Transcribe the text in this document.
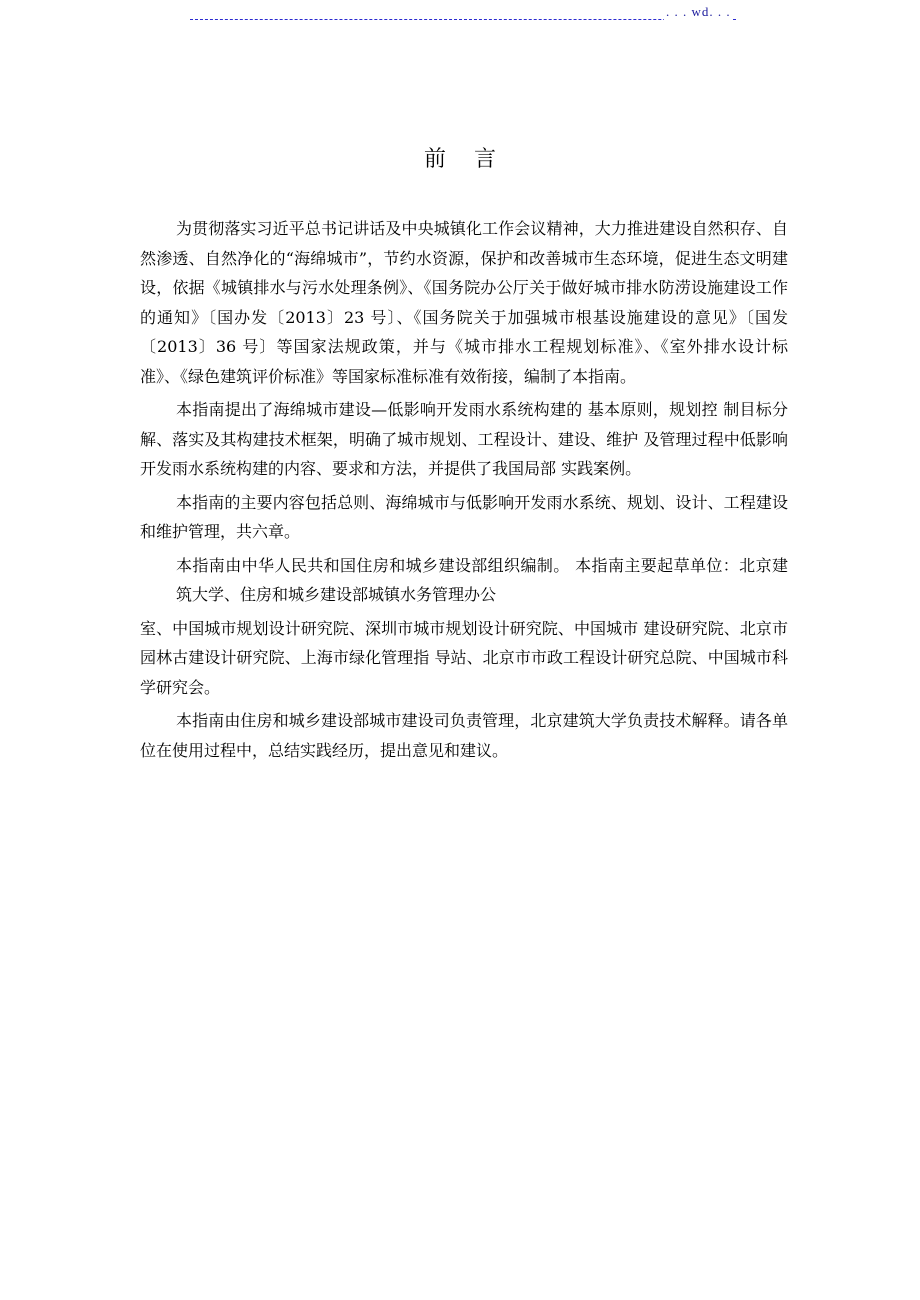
. . . wd. . .
前言

为贯彻落实习近平总书记讲话及中央城镇化工作会议精神，大力推进建设自然积存、自然渗透、自然净化的“海绵城市”，节约水资源，保护和改善城市生态环境，促进生态文明建设，依据《城镇排水与污水处理条例》、《国务院办公厅关于做好城市排水防涝设施建设工作的通知》〔国办发〔2013〕23 号〕、《国务院关于加强城市根基设施建设的意见》〔国发〔2013〕36 号〕等国家法规政策，并与《城市排水工程规划标准》、《室外排水设计标准》、《绿色建筑评价标准》等国家标准标准有效衔接，编制了本指南。

本指南提出了海绵城市建设—低影响开发雨水系统构建的 基本原则，规划控 制目标分解、落实及其构建技术框架，明确了城市规划、工程设计、建设、维护 及管理过程中低影响开发雨水系统构建的内容、要求和方法，并提供了我国局部 实践案例。

本指南的主要内容包括总则、海绵城市与低影响开发雨水系统、规划、设计、工程建设和维护管理，共六章。

本指南由中华人民共和国住房和城乡建设部组织编制。 本指南主要起草单位：北京建筑大学、住房和城乡建设部城镇水务管理办公

室、中国城市规划设计研究院、深圳市城市规划设计研究院、中国城市 建设研究院、北京市园林古建设计研究院、上海市绿化管理指 导站、北京市市政工程设计研究总院、中国城市科学研究会。

本指南由住房和城乡建设部城市建设司负责管理，北京建筑大学负责技术解释。请各单位在使用过程中，总结实践经历，提出意见和建议。
